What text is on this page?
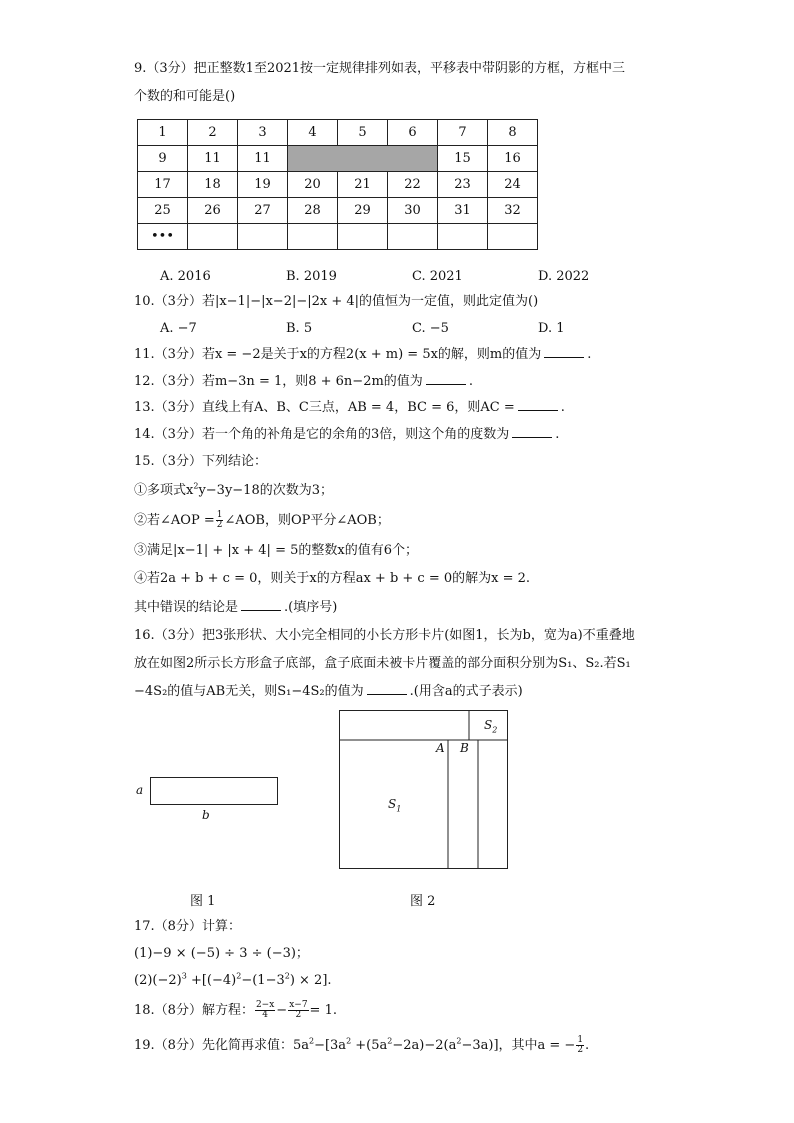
9.（3分）把正整数1至2021按一定规律排列如表，平移表中带阴影的方框，方框中三
个数的和可能是()
1	2	3	4	5	6	7	8
9	11	11				15	16
17	18	19	20	21	22	23	24
25	26	27	28	29	30	31	32
•••							
A. 2016	B. 2019	C. 2021	D. 2022
10.（3分）若|x−1|−|x−2|−|2x + 4|的值恒为一定值，则此定值为()
A. −7	B. 5	C. −5	D. 1
11.（3分）若x = −2是关于x的方程2(x + m) = 5x的解，则m的值为	.
12.（3分）若m−3n = 1，则8 + 6n−2m的值为	.
13.（3分）直线上有A、B、C三点，AB = 4，BC = 6，则AC =	.
14.（3分）若一个角的补角是它的余角的3倍，则这个角的度数为	.
15.（3分）下列结论：
①多项式$x^2y-3y-18$的次数为3；
②若∠AOP = $\frac{1}{2}$ ∠AOB，则OP平分∠AOB；
③满足|x−1| + |x + 4| = 5的整数x的值有6个；
④若2a + b + c = 0，则关于x的方程ax + b + c = 0的解为x = 2.
其中错误的结论是	.(填序号)
16.（3分）把3张形状、大小完全相同的小长方形卡片(如图1，长为b，宽为a)不重叠地
放在如图2所示长方形盒子底部，盒子底面未被卡片覆盖的部分面积分别为S₁、S₂.若S₁
−4S₂的值与AB无关，则S₁−4S₂的值为	.(用含a的式子表示)
a
b
图 1
$S_2$
A B
$S_1$
图 2
17.（8分）计算：
(1)−9 × (−5) ÷ 3 ÷ (−3)；
$(2)(-2)^3 +[(-4)^2-(1-3^2) \times 2]$.
18.（8分）解方程： $\frac{2-x}{4} - \frac{x-7}{2} = 1$.
19.（8分）先化简再求值：$5a^2-[3a^2 +(5a^2-2a)-2(a^2-3a)]$，其中a = − $\frac{1}{2}$ .
